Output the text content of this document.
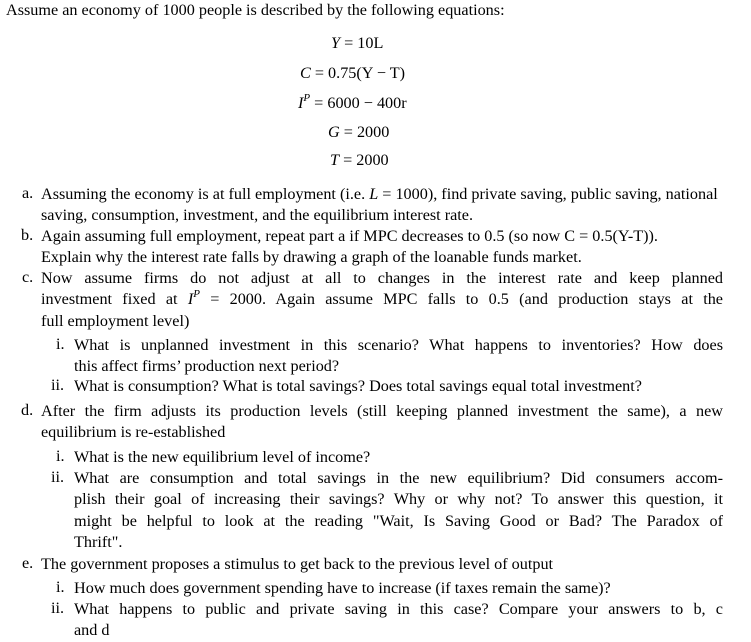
Assume an economy of 1000 people is described by the following equations:
Y = 10L
C = 0.75(Y − T)
$I^P = 6000 - 400r$
G = 2000
T = 2000
a. Assuming the economy is at full employment (i.e. L = 1000), find private saving, public saving, national saving, consumption, investment, and the equilibrium interest rate.
b. Again assuming full employment, repeat part a if MPC decreases to 0.5 (so now C = 0.5(Y-T)).
Explain why the interest rate falls by drawing a graph of the loanable funds market.
c. Now assume firms do not adjust at all to changes in the interest rate and keep planned
investment fixed at $I^P = 2000$. Again assume MPC falls to 0.5 (and production stays at the
full employment level)
i. What is unplanned investment in this scenario? What happens to inventories? How does
this affect firms’ production next period?
ii. What is consumption? What is total savings? Does total savings equal total investment?
d. After the firm adjusts its production levels (still keeping planned investment the same), a new
equilibrium is re-established
i. What is the new equilibrium level of income?
ii. What are consumption and total savings in the new equilibrium? Did consumers accom-
plish their goal of increasing their savings? Why or why not? To answer this question, it
might be helpful to look at the reading "Wait, Is Saving Good or Bad? The Paradox of
Thrift".
e. The government proposes a stimulus to get back to the previous level of output
i. How much does government spending have to increase (if taxes remain the same)?
ii. What happens to public and private saving in this case? Compare your answers to b, c
and d
